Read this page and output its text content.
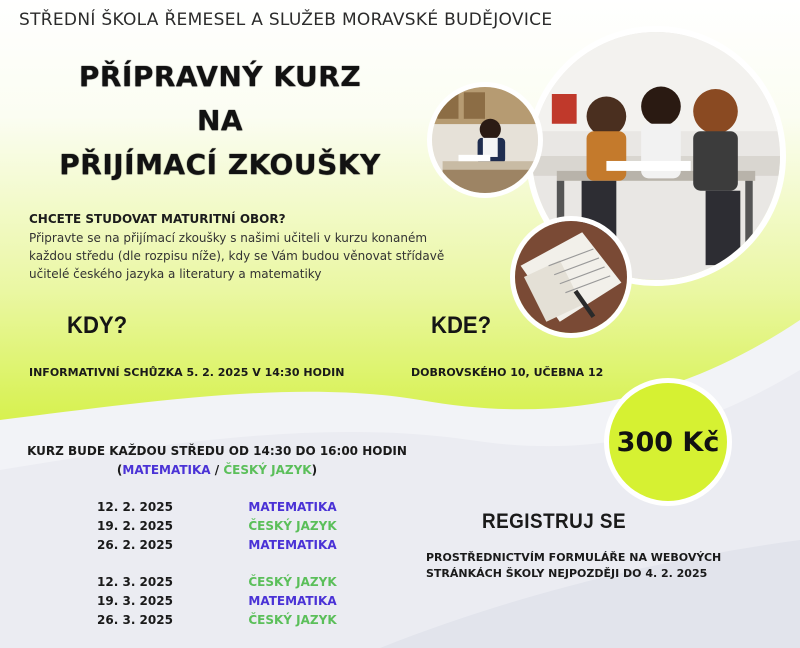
STŘEDNÍ ŠKOLA ŘEMESEL A SLUŽEB MORAVSKÉ BUDĚJOVICE
PŘÍPRAVNÝ KURZ
NA
PŘIJÍMACÍ ZKOUŠKY
CHCETE STUDOVAT MATURITNÍ OBOR?
Připravte se na přijímací zkoušky s našimi učiteli v kurzu konaném každou středu (dle rozpisu níže), kdy se Vám budou věnovat střídavě učitelé českého jazyka a literatury a matematiky
KDY?	KDE?
INFORMATIVNÍ SCHŮZKA 5. 2. 2025 V 14:30 HODIN	DOBROVSKÉHO 10, UČEBNA 12
KURZ BUDE KAŽDOU STŘEDU OD 14:30 DO 16:00 HODIN
(MATEMATIKA / ČESKÝ JAZYK)
12. 2. 2025	MATEMATIKA
19. 2. 2025	ČESKÝ JAZYK
26. 2. 2025	MATEMATIKA
12. 3. 2025	ČESKÝ JAZYK
19. 3. 2025	MATEMATIKA
26. 3. 2025	ČESKÝ JAZYK
300 Kč
REGISTRUJ SE
PROSTŘEDNICTVÍM FORMULÁŘE NA WEBOVÝCH STRÁNKÁCH ŠKOLY NEJPOZDĚJI DO 4. 2. 2025
